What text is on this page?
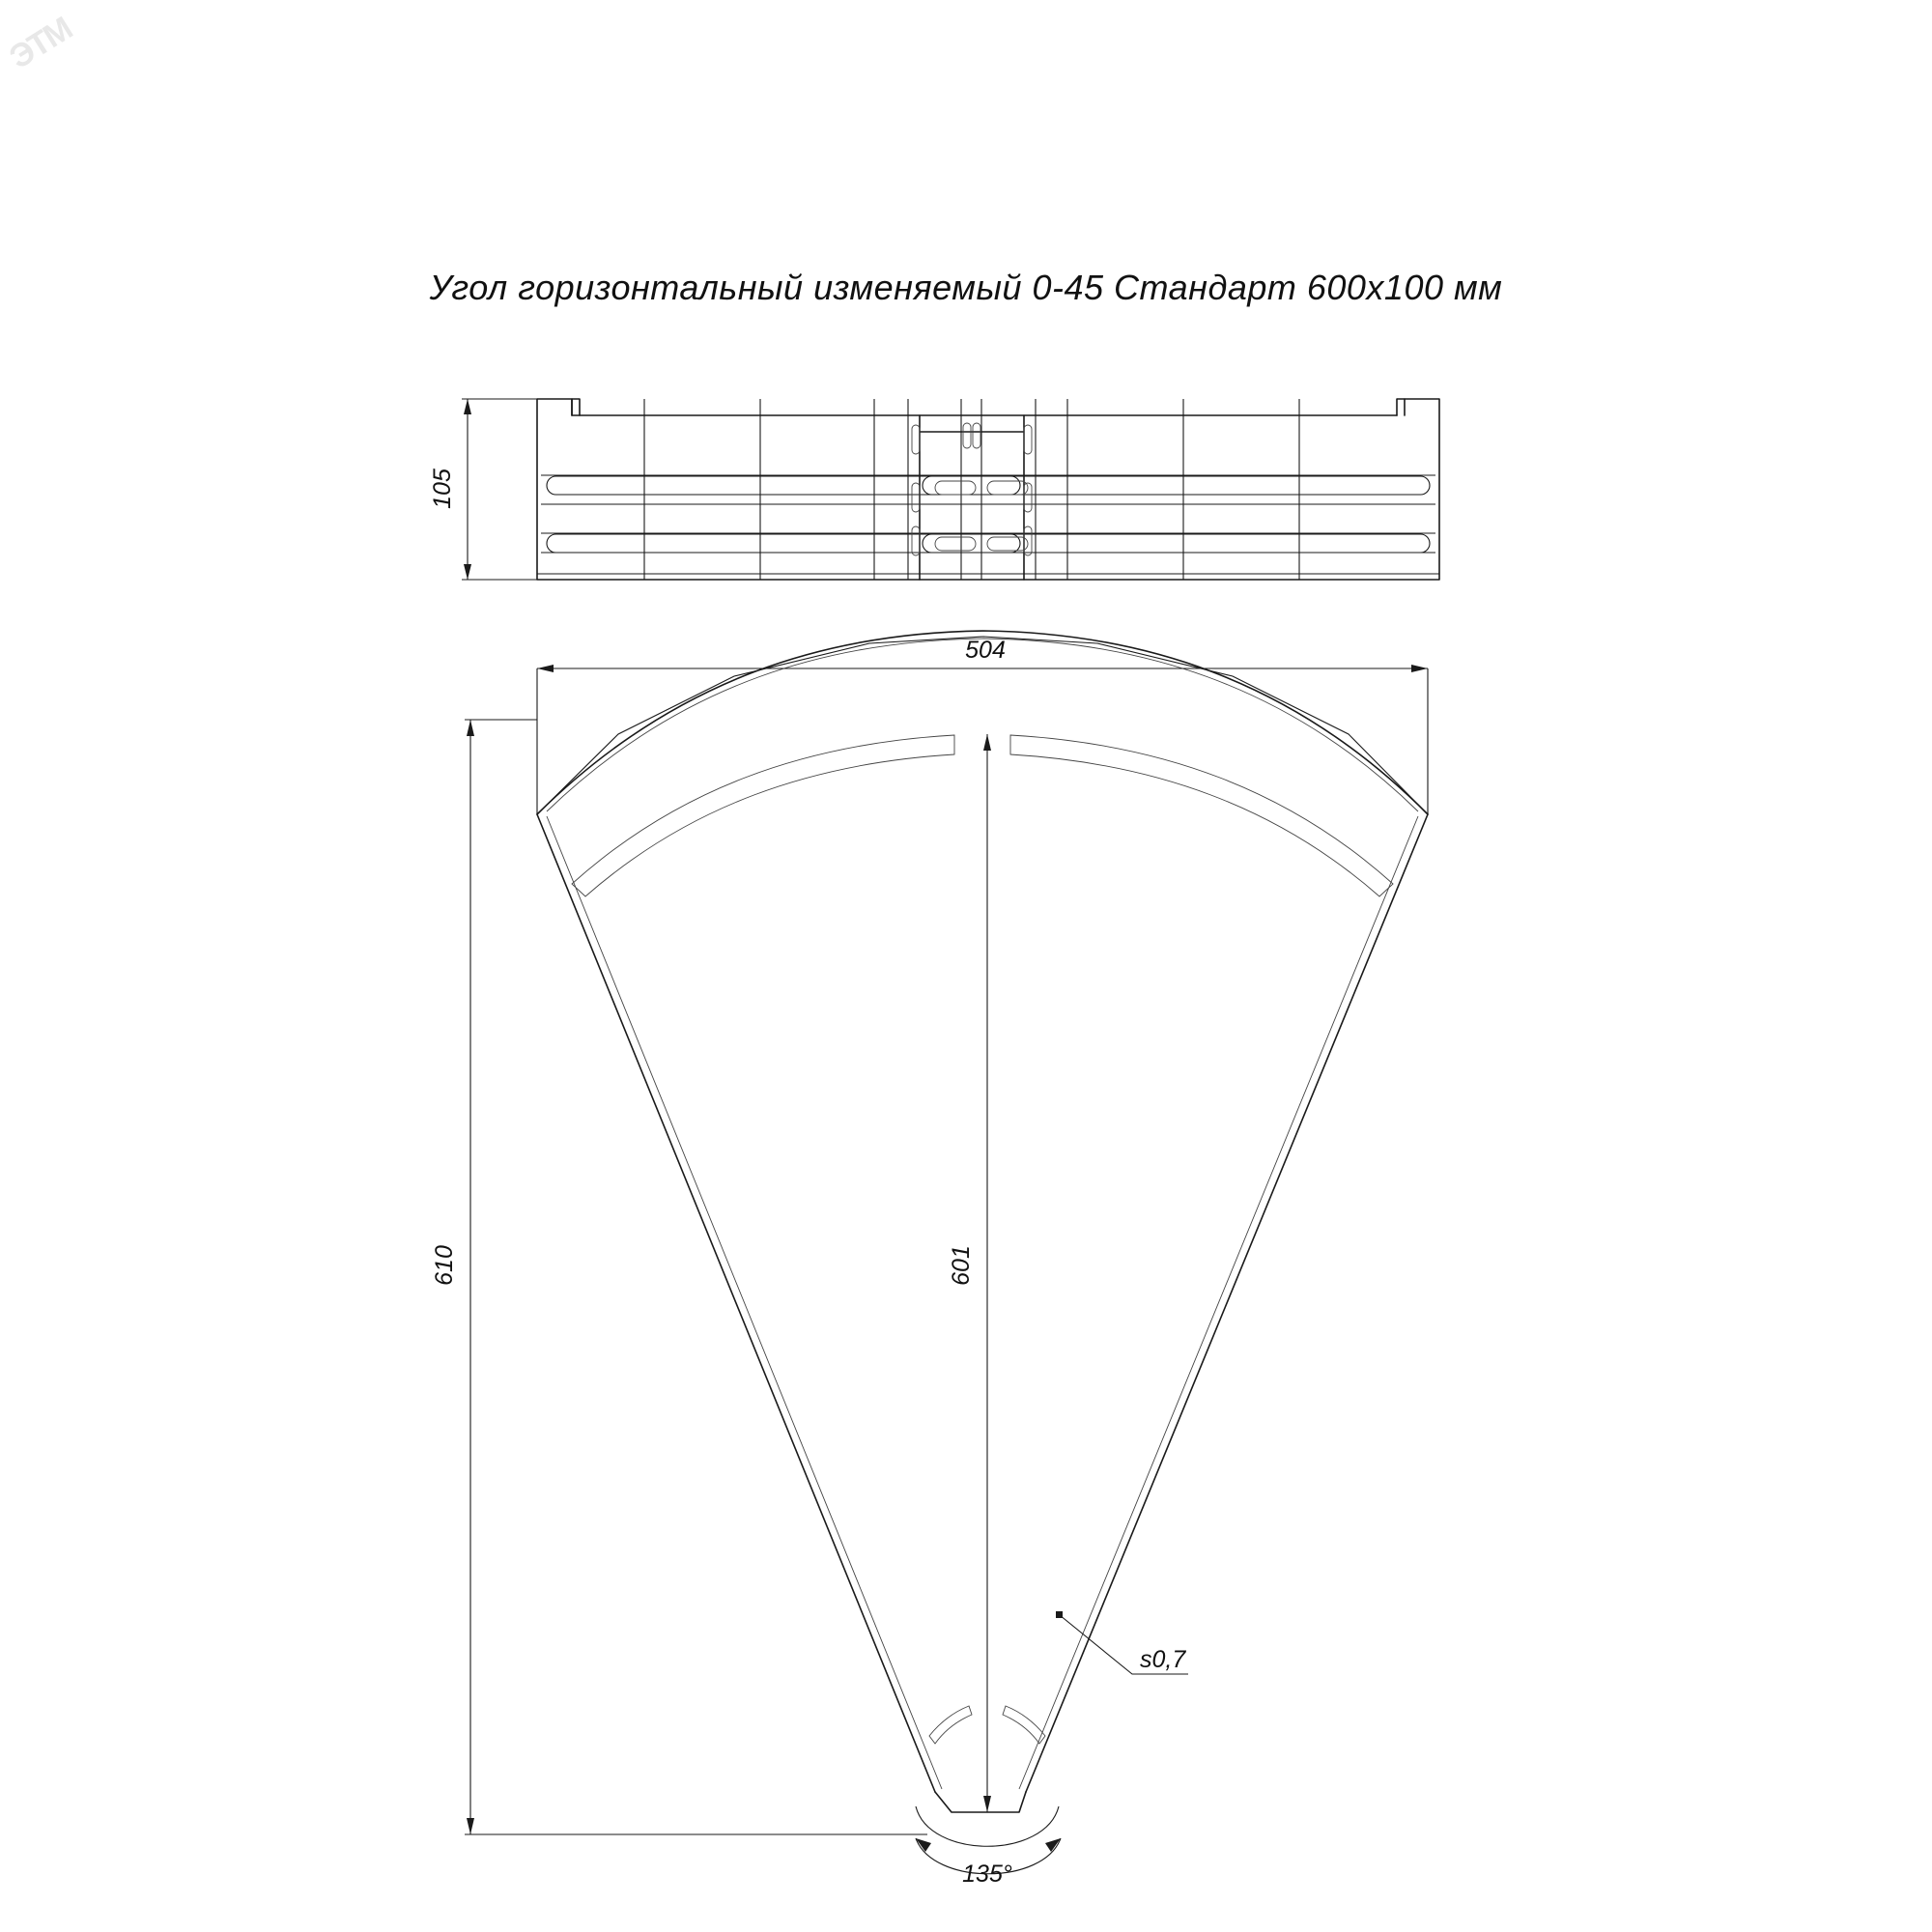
ЭТМ
Угол горизонтальный изменяемый 0-45 Стандарт 600х100 мм
105
504
610	601
135°
s0,7
